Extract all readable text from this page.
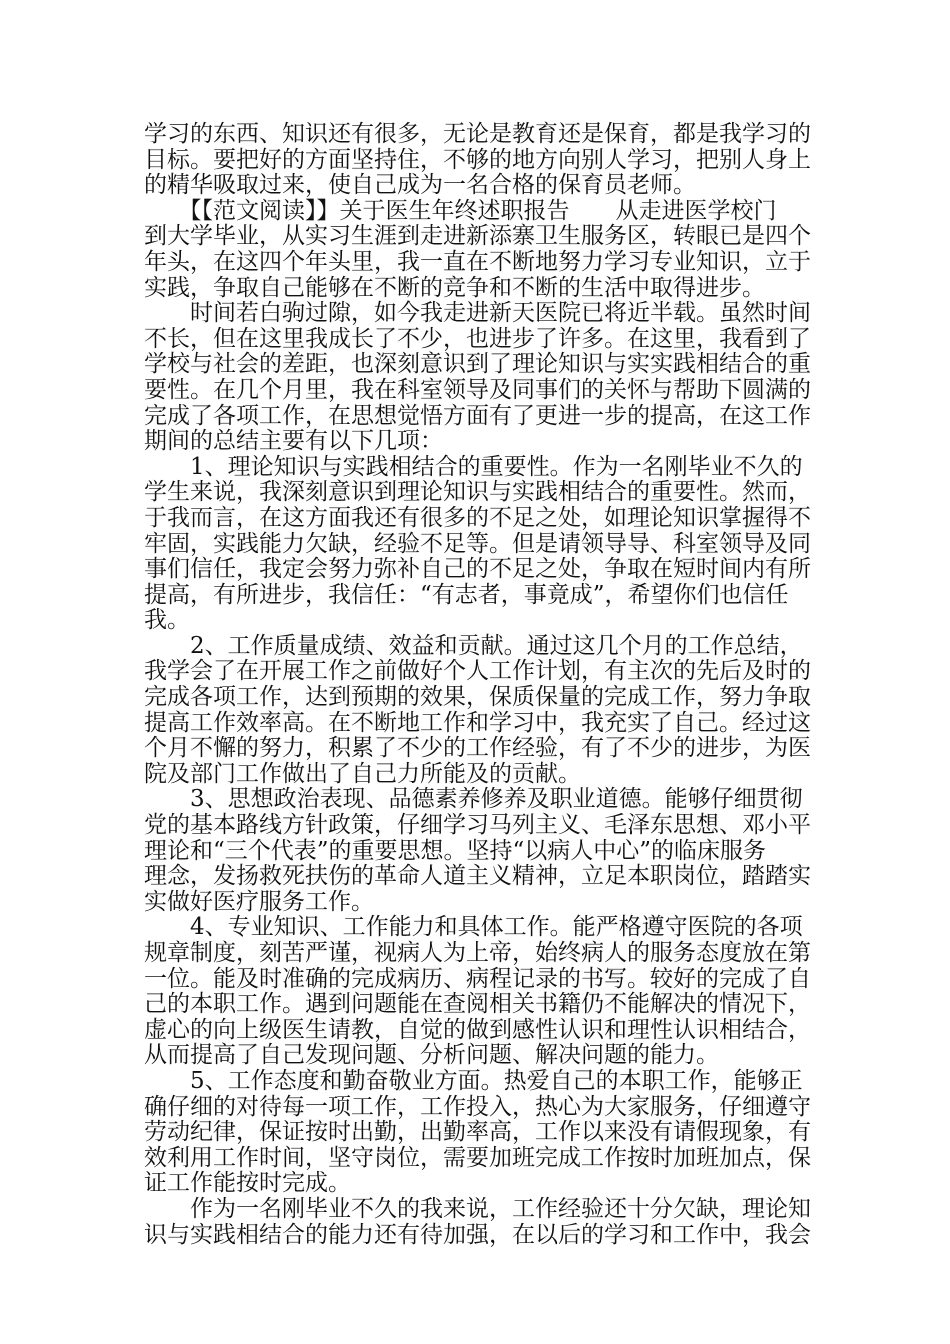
学习的东西、知识还有很多，无论是教育还是保育，都是我学习的
目标。要把好的方面坚持住，不够的地方向别人学习，把别人身上
的精华吸取过来，使自己成为一名合格的保育员老师。

　　【【范文阅读】】关于医生年终述职报告　　从走进医学校门
到大学毕业，从实习生涯到走进新添寨卫生服务区，转眼已是四个
年头，在这四个年头里，我一直在不断地努力学习专业知识，立于
实践，争取自己能够在不断的竞争和不断的生活中取得进步。

　　时间若白驹过隙，如今我走进新天医院已将近半载。虽然时间
不长，但在这里我成长了不少，也进步了许多。在这里，我看到了
学校与社会的差距，也深刻意识到了理论知识与实实践相结合的重
要性。在几个月里，我在科室领导及同事们的关怀与帮助下圆满的
完成了各项工作，在思想觉悟方面有了更进一步的提高，在这工作
期间的总结主要有以下几项：

　　1、理论知识与实践相结合的重要性。作为一名刚毕业不久的
学生来说，我深刻意识到理论知识与实践相结合的重要性。然而，
于我而言，在这方面我还有很多的不足之处，如理论知识掌握得不
牢固，实践能力欠缺，经验不足等。但是请领导导、科室领导及同
事们信任，我定会努力弥补自己的不足之处，争取在短时间内有所
提高，有所进步，我信任：“有志者，事竟成”，希望你们也信任
我。

　　2、工作质量成绩、效益和贡献。通过这几个月的工作总结，
我学会了在开展工作之前做好个人工作计划，有主次的先后及时的
完成各项工作，达到预期的效果，保质保量的完成工作，努力争取
提高工作效率高。在不断地工作和学习中，我充实了自己。经过这
个月不懈的努力，积累了不少的工作经验，有了不少的进步，为医
院及部门工作做出了自己力所能及的贡献。

　　3、思想政治表现、品德素养修养及职业道德。能够仔细贯彻
党的基本路线方针政策，仔细学习马列主义、毛泽东思想、邓小平
理论和“三个代表”的重要思想。坚持“以病人中心”的临床服务
理念，发扬救死扶伤的革命人道主义精神，立足本职岗位，踏踏实
实做好医疗服务工作。

　　4、专业知识、工作能力和具体工作。能严格遵守医院的各项
规章制度，刻苦严谨，视病人为上帝，始终病人的服务态度放在第
一位。能及时准确的完成病历、病程记录的书写。较好的完成了自
己的本职工作。遇到问题能在查阅相关书籍仍不能解决的情况下，
虚心的向上级医生请教，自觉的做到感性认识和理性认识相结合，
从而提高了自己发现问题、分析问题、解决问题的能力。

　　5、工作态度和勤奋敬业方面。热爱自己的本职工作，能够正
确仔细的对待每一项工作，工作投入，热心为大家服务，仔细遵守
劳动纪律，保证按时出勤，出勤率高，工作以来没有请假现象，有
效利用工作时间，坚守岗位，需要加班完成工作按时加班加点，保
证工作能按时完成。

　　作为一名刚毕业不久的我来说，工作经验还十分欠缺，理论知
识与实践相结合的能力还有待加强，在以后的学习和工作中，我会
